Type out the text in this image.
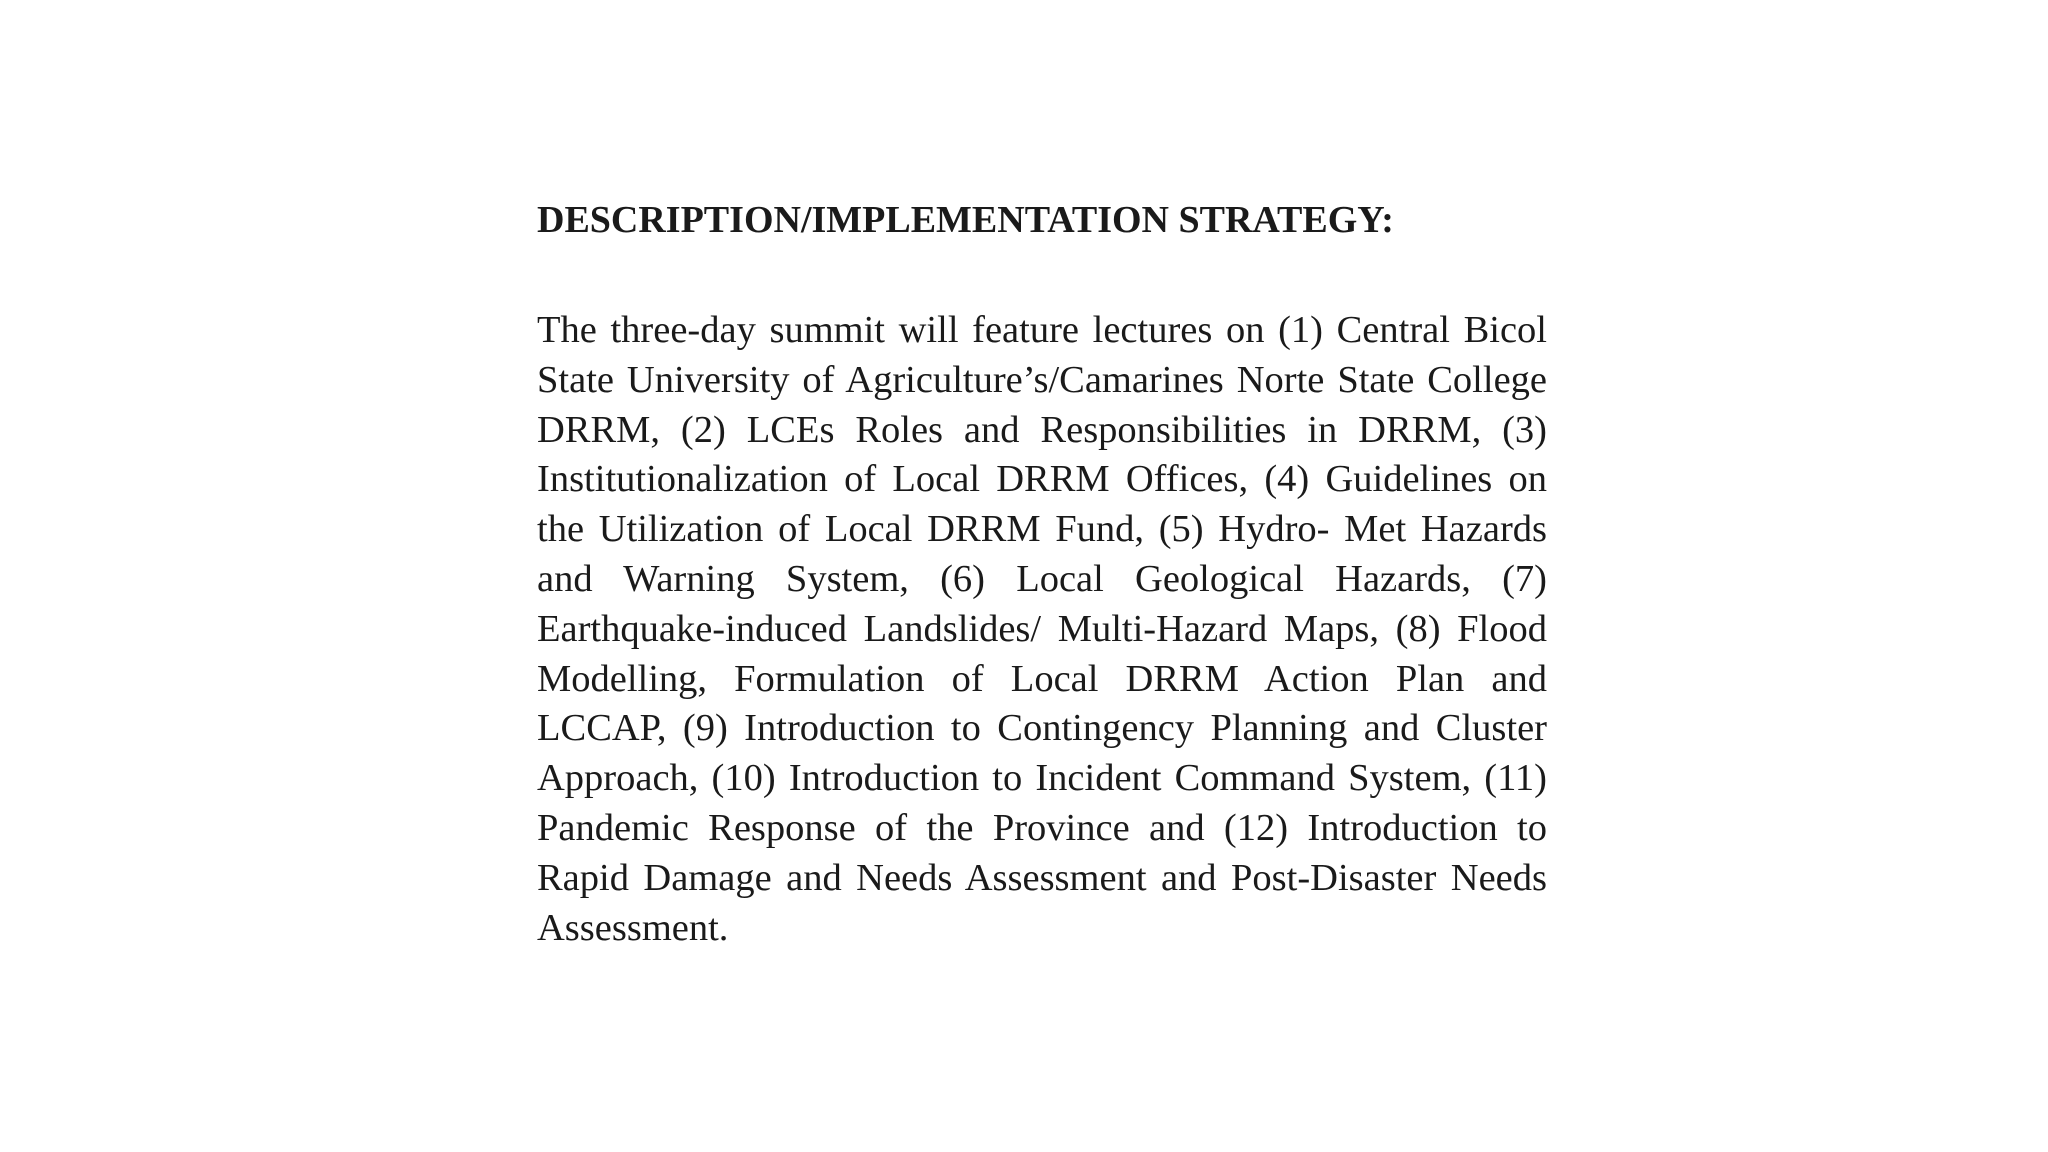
DESCRIPTION/IMPLEMENTATION STRATEGY:

The three-day summit will feature lectures on (1) Central Bicol
State University of Agriculture’s/Camarines Norte State College
DRRM, (2) LCEs Roles and Responsibilities in DRRM, (3)
Institutionalization of Local DRRM Offices, (4) Guidelines on
the Utilization of Local DRRM Fund, (5) Hydro- Met Hazards
and Warning System, (6) Local Geological Hazards, (7)
Earthquake-induced Landslides/ Multi-Hazard Maps, (8) Flood
Modelling, Formulation of Local DRRM Action Plan and
LCCAP, (9) Introduction to Contingency Planning and Cluster
Approach, (10) Introduction to Incident Command System, (11)
Pandemic Response of the Province and (12) Introduction to
Rapid Damage and Needs Assessment and Post-Disaster Needs
Assessment.
